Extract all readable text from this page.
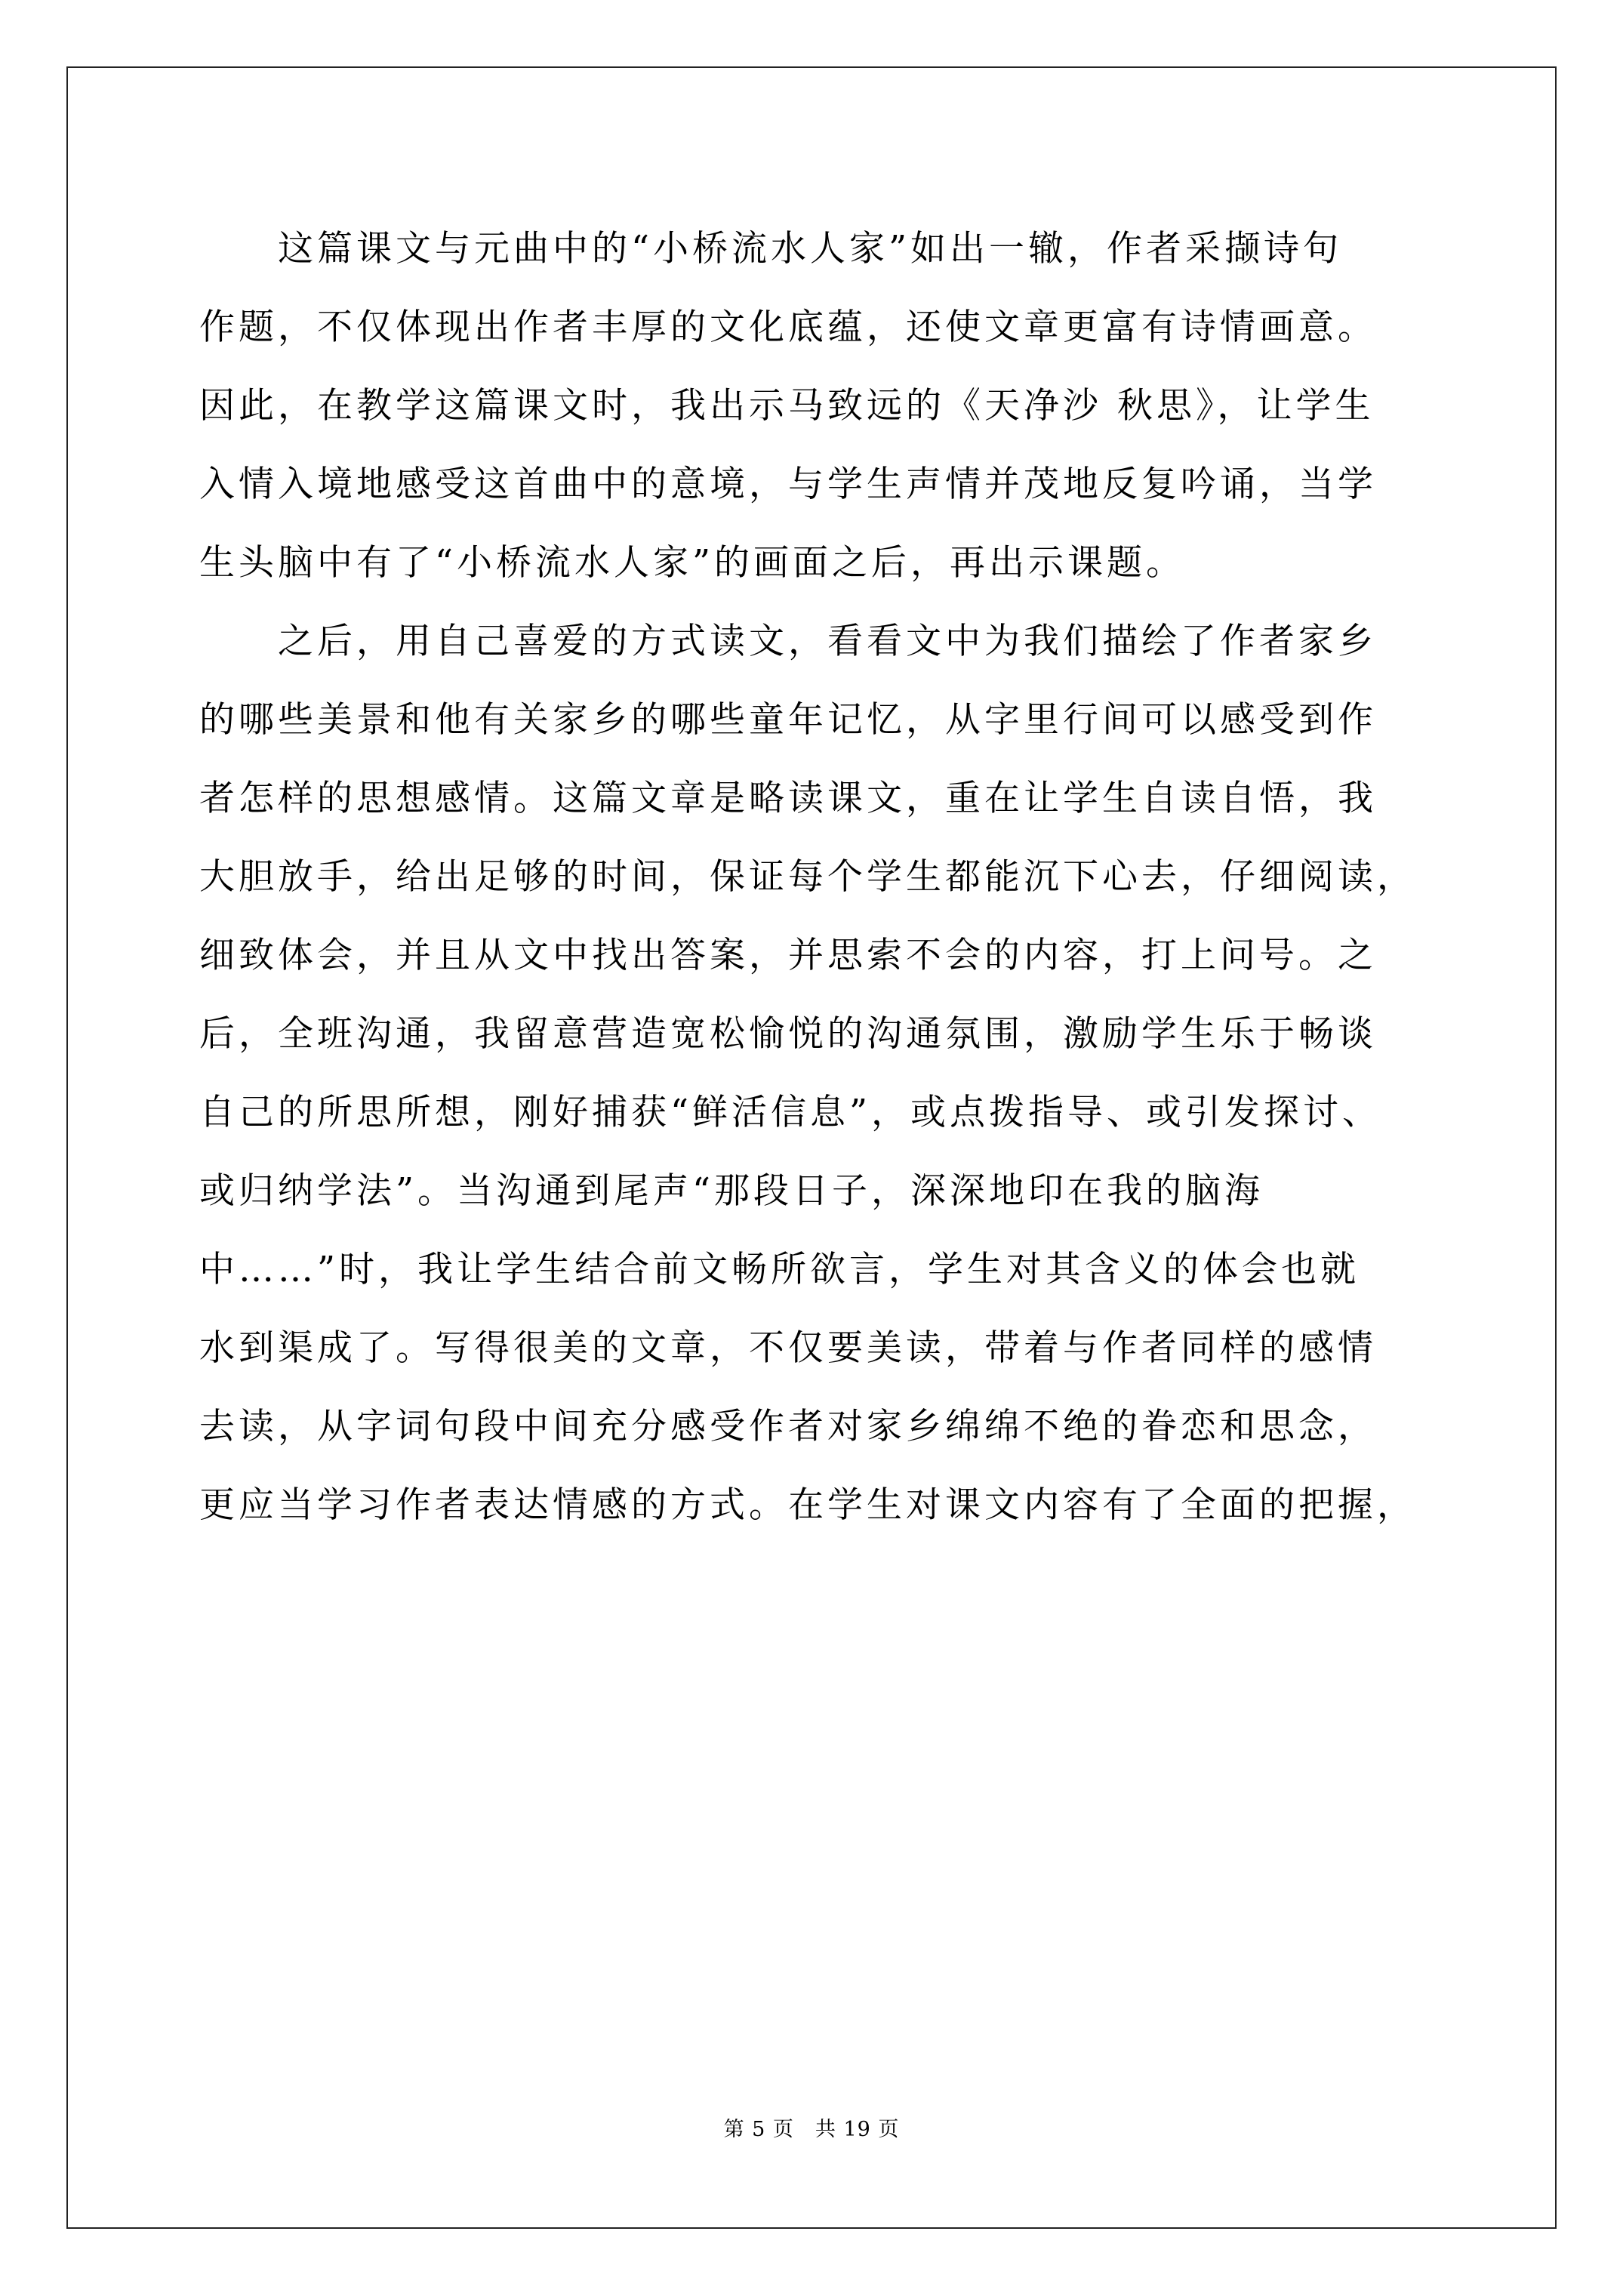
　　这篇课文与元曲中的“小桥流水人家”如出一辙，作者采撷诗句
作题，不仅体现出作者丰厚的文化底蕴，还使文章更富有诗情画意。
因此，在教学这篇课文时，我出示马致远的《天净沙 秋思》，让学生
入情入境地感受这首曲中的意境，与学生声情并茂地反复吟诵，当学
生头脑中有了“小桥流水人家”的画面之后，再出示课题。
　　之后，用自己喜爱的方式读文，看看文中为我们描绘了作者家乡
的哪些美景和他有关家乡的哪些童年记忆，从字里行间可以感受到作
者怎样的思想感情。这篇文章是略读课文，重在让学生自读自悟，我
大胆放手，给出足够的时间，保证每个学生都能沉下心去，仔细阅读，
细致体会，并且从文中找出答案，并思索不会的内容，打上问号。之
后，全班沟通，我留意营造宽松愉悦的沟通氛围，激励学生乐于畅谈
自己的所思所想，刚好捕获“鲜活信息”，或点拨指导、或引发探讨、
或归纳学法”。当沟通到尾声“那段日子，深深地印在我的脑海
中……”时，我让学生结合前文畅所欲言，学生对其含义的体会也就
水到渠成了。写得很美的文章，不仅要美读，带着与作者同样的感情
去读，从字词句段中间充分感受作者对家乡绵绵不绝的眷恋和思念，
更应当学习作者表达情感的方式。在学生对课文内容有了全面的把握，
第 5 页　共 19 页
